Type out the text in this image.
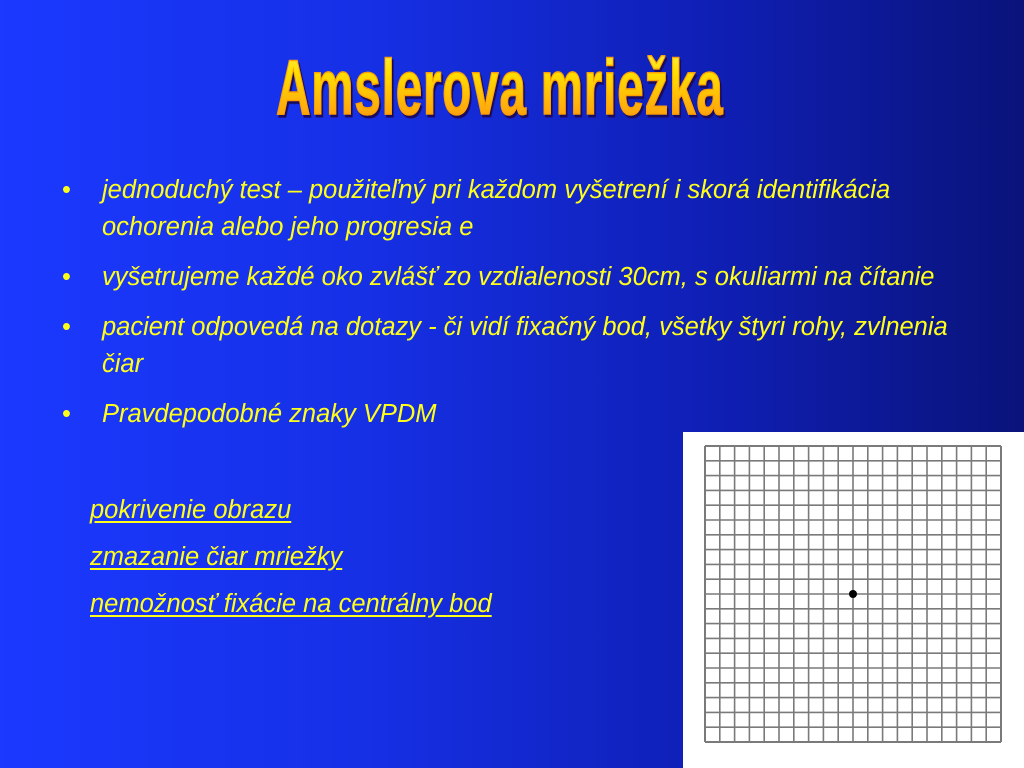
Amslerova mriežka
• jednoduchý test – použiteľný pri každom vyšetrení i skorá identifikácia ochorenia alebo jeho progresia e
• vyšetrujeme každé oko zvlášť zo vzdialenosti 30cm, s okuliarmi na čítanie
• pacient odpovedá na dotazy - či vidí fixačný bod, všetky štyri rohy, zvlnenia čiar
• Pravdepodobné znaky VPDM
pokrivenie obrazu
zmazanie čiar mriežky
nemožnosť fixácie na centrálny bod
